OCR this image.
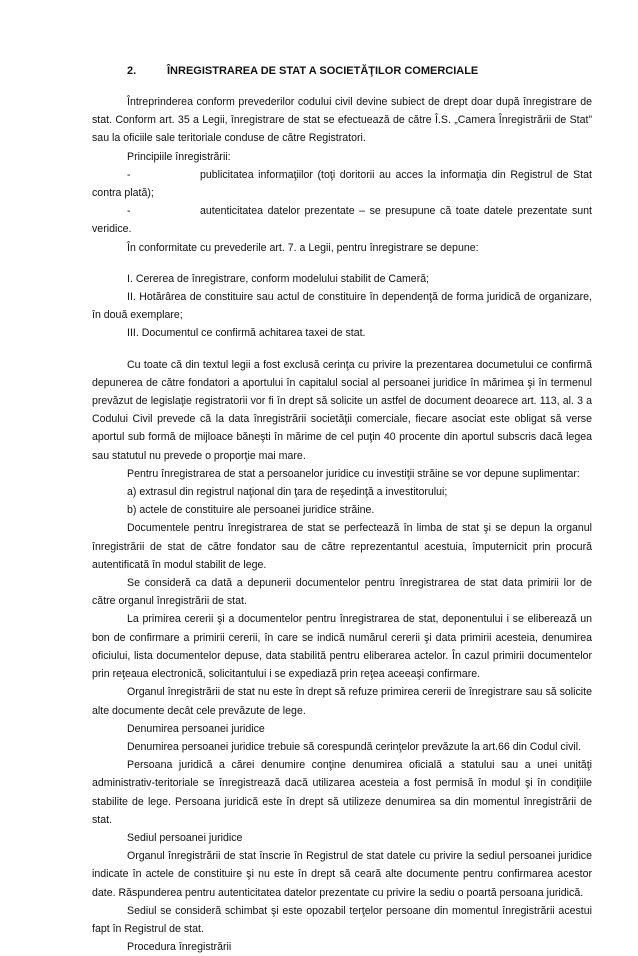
2.	ÎNREGISTRAREA DE STAT A SOCIETĂŢILOR COMERCIALE

Întreprinderea conform prevederilor codului civil devine subiect de drept doar după înregistrare de stat. Conform art. 35 a Legii, înregistrare de stat se efectuează de către Î.S. „Camera Înregistrării de Stat” sau la oficiile sale teritoriale conduse de către Registratori.

Principiile înregistrării:

-	publicitatea informaţiilor (toţi doritorii au acces la informaţia din Registrul de Stat contra plată);

-	autenticitatea datelor prezentate – se presupune că toate datele prezentate sunt veridice.

În conformitate cu prevederile art. 7. a Legii, pentru înregistrare se depune:

I. Cererea de înregistrare, conform modelului stabilit de Cameră;

II. Hotărârea de constituire sau actul de constituire în dependenţă de forma juridică de organizare, în două exemplare;

III. Documentul ce confirmă achitarea taxei de stat.

Cu toate că din textul legii a fost exclusă cerinţa cu privire la prezentarea documetului ce confirmă depunerea de către fondatori a aportului în capitalul social al persoanei juridice în mărimea şi în termenul prevăzut de legislaţie registratorii vor fi în drept să solicite un astfel de document deoarece art. 113, al. 3 a Codului Civil prevede că la data înregistrării societăţii comerciale, fiecare asociat este obligat să verse aportul sub formă de mijloace băneşti în mărime de cel puţin 40 procente din aportul subscris dacă legea sau statutul nu prevede o proporţie mai mare.

Pentru înregistrarea de stat a persoanelor juridice cu investiţii străine se vor depune suplimentar:

a) extrasul din registrul naţional din ţara de reşedinţă a investitorului;

b) actele de constituire ale persoanei juridice străine.

Documentele pentru înregistrarea de stat se perfectează în limba de stat şi se depun la organul înregistrării de stat de către fondator sau de către reprezentantul acestuia, împuternicit prin procură autentificată în modul stabilit de lege.

Se consideră ca dată a depunerii documentelor pentru înregistrarea de stat data primirii lor de către organul înregistrării de stat.

La primirea cererii şi a documentelor pentru înregistrarea de stat, deponentului i se eliberează un bon de confirmare a primirii cererii, în care se indică numărul cererii şi data primirii acesteia, denumirea oficiului, lista documentelor depuse, data stabilită pentru eliberarea actelor. În cazul primirii documentelor prin reţeaua electronică, solicitantului i se expediază prin reţea aceeaşi confirmare.

Organul înregistrării de stat nu este în drept să refuze primirea cererii de înregistrare sau să solicite alte documente decât cele prevăzute de lege.

Denumirea persoanei juridice

Denumirea persoanei juridice trebuie să corespundă cerinţelor prevăzute la art.66 din Codul civil.

Persoana juridică a cărei denumire conţine denumirea oficială a statului sau a unei unităţi administrativ-teritoriale se înregistrează dacă utilizarea acesteia a fost permisă în modul şi în condiţiile stabilite de lege. Persoana juridică este în drept să utilizeze denumirea sa din momentul înregistrării de stat.

Sediul persoanei juridice

Organul înregistrării de stat înscrie în Registrul de stat datele cu privire la sediul persoanei juridice indicate în actele de constituire şi nu este în drept să ceară alte documente pentru confirmarea acestor date. Răspunderea pentru autenticitatea datelor prezentate cu privire la sediu o poartă persoana juridică.

Sediul se consideră schimbat şi este opozabil terţelor persoane din momentul înregistrării acestui fapt în Registrul de stat.

Procedura înregistrării
